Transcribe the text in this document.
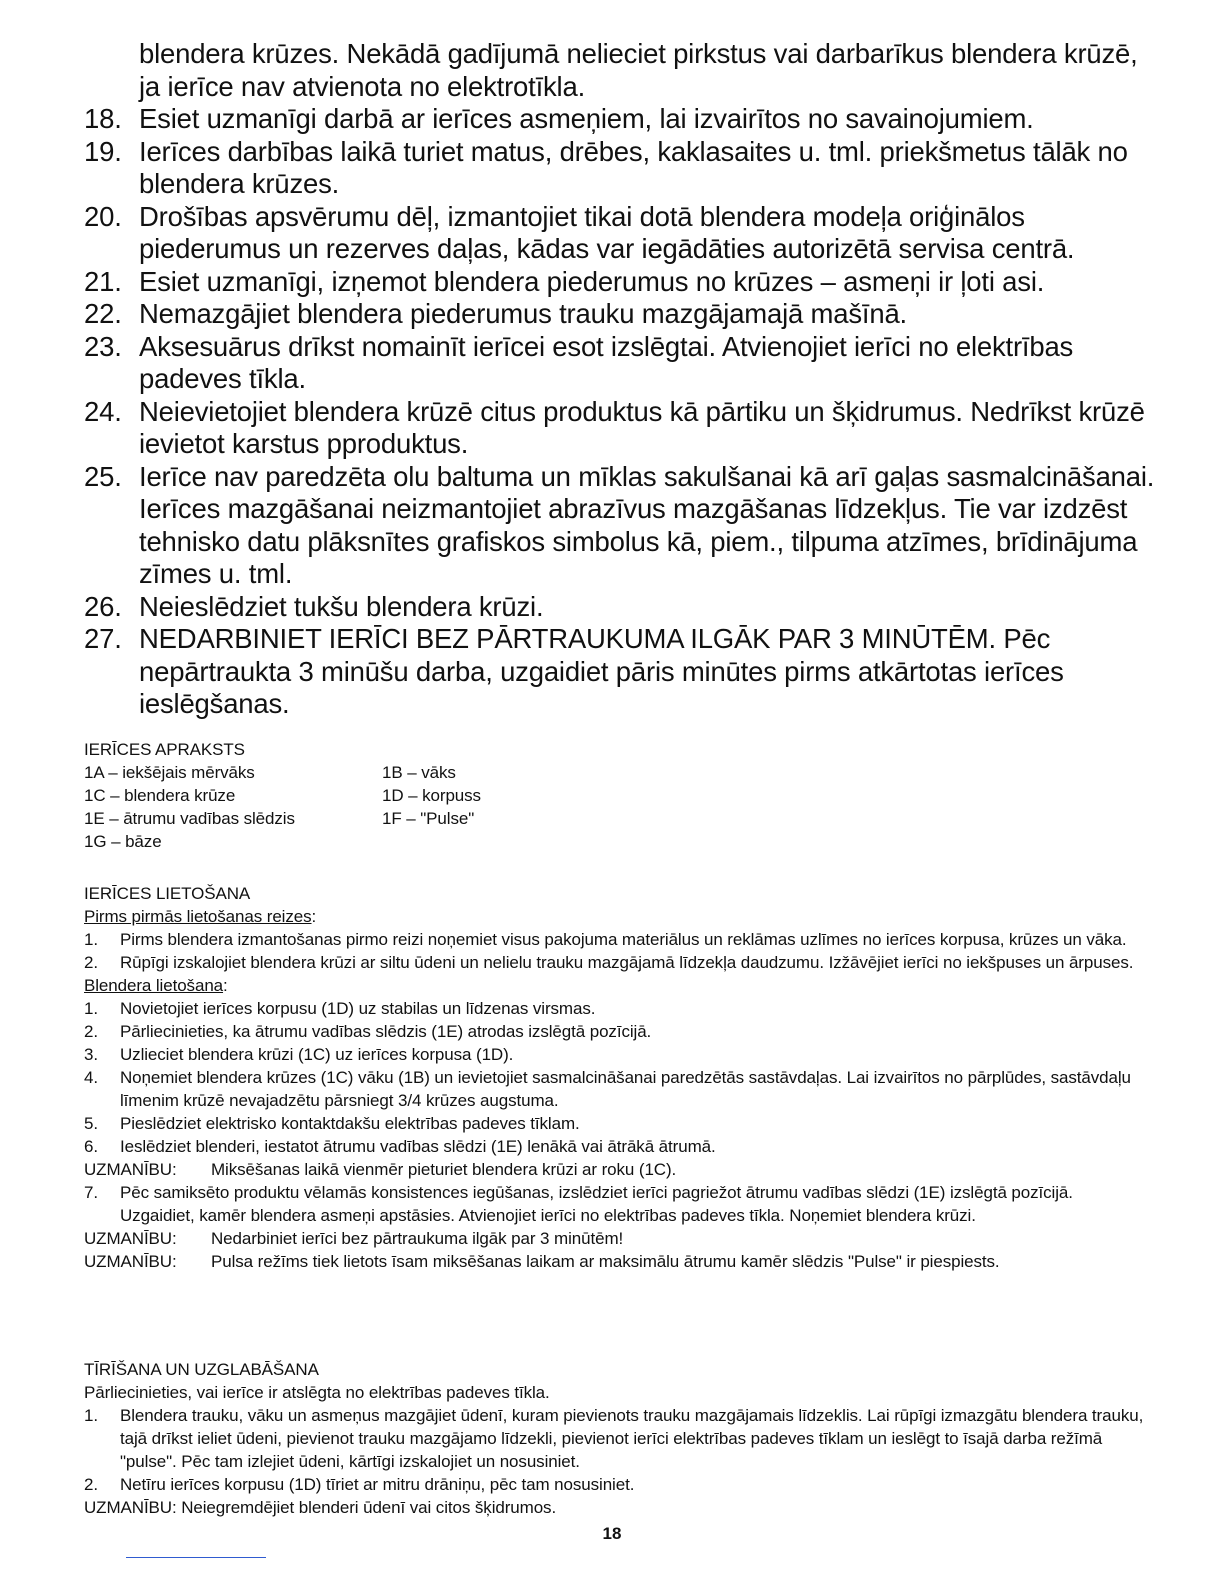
blendera krūzes. Nekādā gadījumā nelieciet pirkstus vai darbarīkus blendera krūzē, ja ierīce nav atvienota no elektrotīkla.
18. Esiet uzmanīgi darbā ar ierīces asmeņiem, lai izvairītos no savainojumiem.
19. Ierīces darbības laikā turiet matus, drēbes, kaklasaites u. tml. priekšmetus tālāk no blendera krūzes.
20. Drošības apsvērumu dēļ, izmantojiet tikai dotā blendera modeļa oriģinālos piederumus un rezerves daļas, kādas var iegādāties autorizētā servisa centrā.
21. Esiet uzmanīgi, izņemot blendera piederumus no krūzes – asmeņi ir ļoti asi.
22. Nemazgājiet blendera piederumus trauku mazgājamajā mašīnā.
23. Aksesuārus drīkst nomainīt ierīcei esot izslēgtai. Atvienojiet ierīci no elektrības padeves tīkla.
24. Neievietojiet blendera krūzē citus produktus kā pārtiku un šķidrumus. Nedrīkst krūzē ievietot karstus pproduktus.
25. Ierīce nav paredzēta olu baltuma un mīklas sakulšanai kā arī gaļas sasmalcināšanai. Ierīces mazgāšanai neizmantojiet abrazīvus mazgāšanas līdzekļus. Tie var izdzēst tehnisko datu plāksnītes grafiskos simbolus kā, piem., tilpuma atzīmes, brīdinājuma zīmes u. tml.
26. Neieslēdziet tukšu blendera krūzi.
27. NEDARBINIET IERĪCI BEZ PĀRTRAUKUMA ILGĀK PAR 3 MINŪTĒM. Pēc nepārtraukta 3 minūšu darba, uzgaidiet pāris minūtes pirms atkārtotas ierīces ieslēgšanas.
IERĪCES APRAKSTS
1A – iekšējais mērvāks	1B – vāks
1C – blendera krūze	1D – korpuss
1E – ātrumu vadības slēdzis	1F – "Pulse"
1G – bāze
IERĪCES LIETOŠANA
Pirms pirmās lietošanas reizes:
1.	Pirms blendera izmantošanas pirmo reizi noņemiet visus pakojuma materiālus un reklāmas uzlīmes no ierīces korpusa, krūzes un vāka.
2.	Rūpīgi izskalojiet blendera krūzi ar siltu ūdeni un nelielu trauku mazgājamā līdzekļa daudzumu. Izžāvējiet ierīci no iekšpuses un ārpuses.
Blendera lietošana:
1.	Novietojiet ierīces korpusu (1D) uz stabilas un līdzenas virsmas.
2.	Pārliecinieties, ka ātrumu vadības slēdzis (1E) atrodas izslēgtā pozīcijā.
3.	Uzlieciet blendera krūzi (1C) uz ierīces korpusa (1D).
4.	Noņemiet blendera krūzes (1C) vāku (1B) un ievietojiet sasmalcināšanai paredzētās sastāvdaļas. Lai izvairītos no pārplūdes, sastāvdaļu līmenim krūzē nevajadzētu pārsniegt 3/4 krūzes augstuma.
5.	Pieslēdziet elektrisko kontaktdakšu elektrības padeves tīklam.
6.	Ieslēdziet blenderi, iestatot ātrumu vadības slēdzi (1E) lenākā vai ātrākā ātrumā.
UZMANĪBU:	Miksēšanas laikā vienmēr pieturiet blendera krūzi ar roku (1C).
7.	Pēc samiksēto produktu vēlamās konsistences iegūšanas, izslēdziet ierīci pagriežot ātrumu vadības slēdzi (1E) izslēgtā pozīcijā. Uzgaidiet, kamēr blendera asmeņi apstāsies. Atvienojiet ierīci no elektrības padeves tīkla. Noņemiet blendera krūzi.
UZMANĪBU:	Nedarbiniet ierīci bez pārtraukuma ilgāk par 3 minūtēm!
UZMANĪBU:	Pulsa režīms tiek lietots īsam miksēšanas laikam ar maksimālu ātrumu kamēr slēdzis "Pulse" ir piespiests.
TĪRĪŠANA UN UZGLABĀŠANA
Pārliecinieties, vai ierīce ir atslēgta no elektrības padeves tīkla.
1.	Blendera trauku, vāku un asmeņus mazgājiet ūdenī, kuram pievienots trauku mazgājamais līdzeklis. Lai rūpīgi izmazgātu blendera trauku, tajā drīkst ieliet ūdeni, pievienot trauku mazgājamo līdzekli, pievienot ierīci elektrības padeves tīklam un ieslēgt to īsajā darba režīmā "pulse". Pēc tam izlejiet ūdeni, kārtīgi izskalojiet un nosusiniet.
2.	Netīru ierīces korpusu (1D) tīriet ar mitru drāniņu, pēc tam nosusiniet.
UZMANĪBU: Neiegremdējiet blenderi ūdenī vai citos šķidrumos.
18
